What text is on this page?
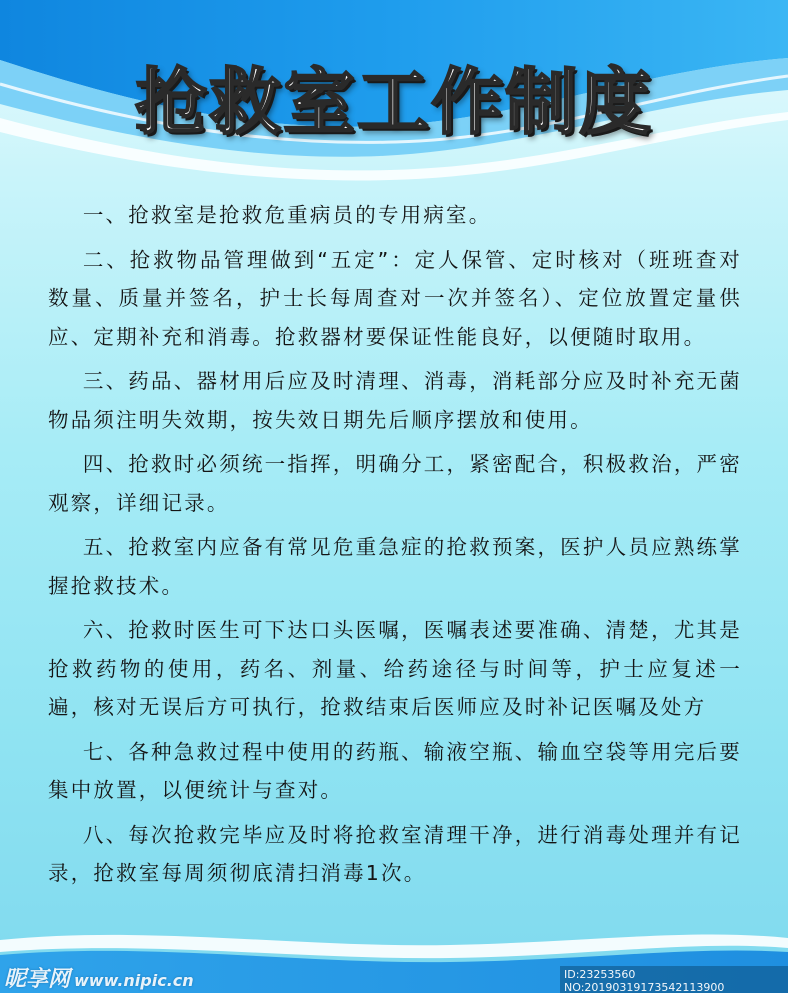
抢救室工作制度

一、抢救室是抢救危重病员的专用病室。

二、抢救物品管理做到“五定”：定人保管、定时核对（班班查对数量、质量并签名，护士长每周查对一次并签名）、定位放置定量供应、定期补充和消毒。抢救器材要保证性能良好，以便随时取用。

三、药品、器材用后应及时清理、消毒，消耗部分应及时补充无菌物品须注明失效期，按失效日期先后顺序摆放和使用。

四、抢救时必须统一指挥，明确分工，紧密配合，积极救治，严密观察，详细记录。

五、抢救室内应备有常见危重急症的抢救预案，医护人员应熟练掌握抢救技术。

六、抢救时医生可下达口头医嘱，医嘱表述要准确、清楚，尤其是抢救药物的使用，药名、剂量、给药途径与时间等，护士应复述一遍，核对无误后方可执行，抢救结束后医师应及时补记医嘱及处方

七、各种急救过程中使用的药瓶、输液空瓶、输血空袋等用完后要集中放置，以便统计与查对。

八、每次抢救完毕应及时将抢救室清理干净，进行消毒处理并有记录，抢救室每周须彻底清扫消毒1次。

昵享网 www.nipic.cn	ID:23253560 NO:20190319173542113900
